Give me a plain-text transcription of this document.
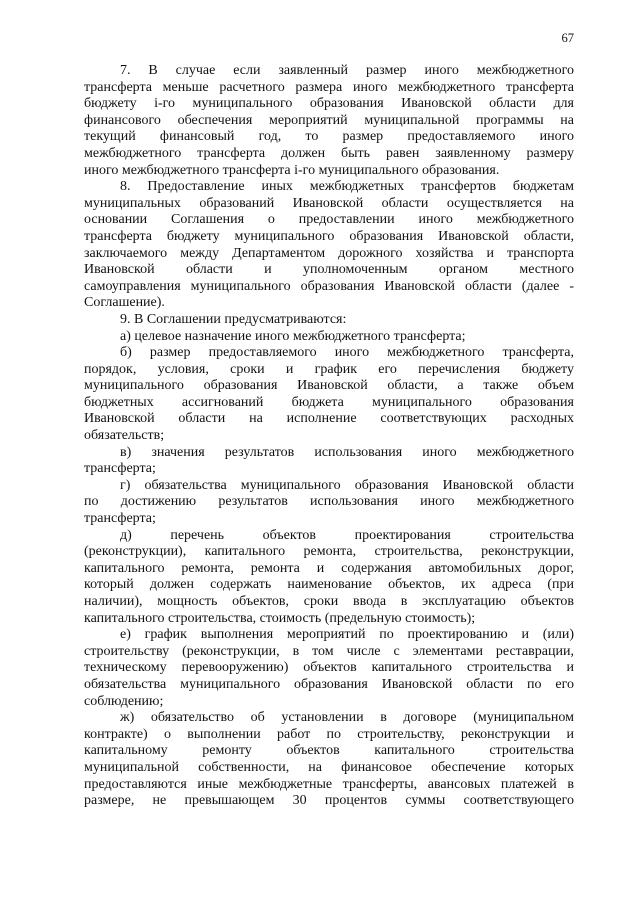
67
7. В случае если заявленный размер иного межбюджетного
трансферта меньше расчетного размера иного межбюджетного трансферта
бюджету i-го муниципального образования Ивановской области для
финансового обеспечения мероприятий муниципальной программы на
текущий финансовый год, то размер предоставляемого иного
межбюджетного трансферта должен быть равен заявленному размеру
иного межбюджетного трансферта i-го муниципального образования.
8. Предоставление иных межбюджетных трансфертов бюджетам
муниципальных образований Ивановской области осуществляется на
основании Соглашения о предоставлении иного межбюджетного
трансферта бюджету муниципального образования Ивановской области,
заключаемого между Департаментом дорожного хозяйства и транспорта
Ивановской области и уполномоченным органом местного
самоуправления муниципального образования Ивановской области (далее -
Соглашение).
9. В Соглашении предусматриваются:
а) целевое назначение иного межбюджетного трансферта;
б) размер предоставляемого иного межбюджетного трансферта,
порядок, условия, сроки и график его перечисления бюджету
муниципального образования Ивановской области, а также объем
бюджетных ассигнований бюджета муниципального образования
Ивановской области на исполнение соответствующих расходных
обязательств;
в) значения результатов использования иного межбюджетного
трансферта;
г) обязательства муниципального образования Ивановской области
по достижению результатов использования иного межбюджетного
трансферта;
д) перечень объектов проектирования строительства
(реконструкции), капитального ремонта, строительства, реконструкции,
капитального ремонта, ремонта и содержания автомобильных дорог,
который должен содержать наименование объектов, их адреса (при
наличии), мощность объектов, сроки ввода в эксплуатацию объектов
капитального строительства, стоимость (предельную стоимость);
е) график выполнения мероприятий по проектированию и (или)
строительству (реконструкции, в том числе с элементами реставрации,
техническому перевооружению) объектов капитального строительства и
обязательства муниципального образования Ивановской области по его
соблюдению;
ж) обязательство об установлении в договоре (муниципальном
контракте) о выполнении работ по строительству, реконструкции и
капитальному ремонту объектов капитального строительства
муниципальной собственности, на финансовое обеспечение которых
предоставляются иные межбюджетные трансферты, авансовых платежей в
размере, не превышающем 30 процентов суммы соответствующего
